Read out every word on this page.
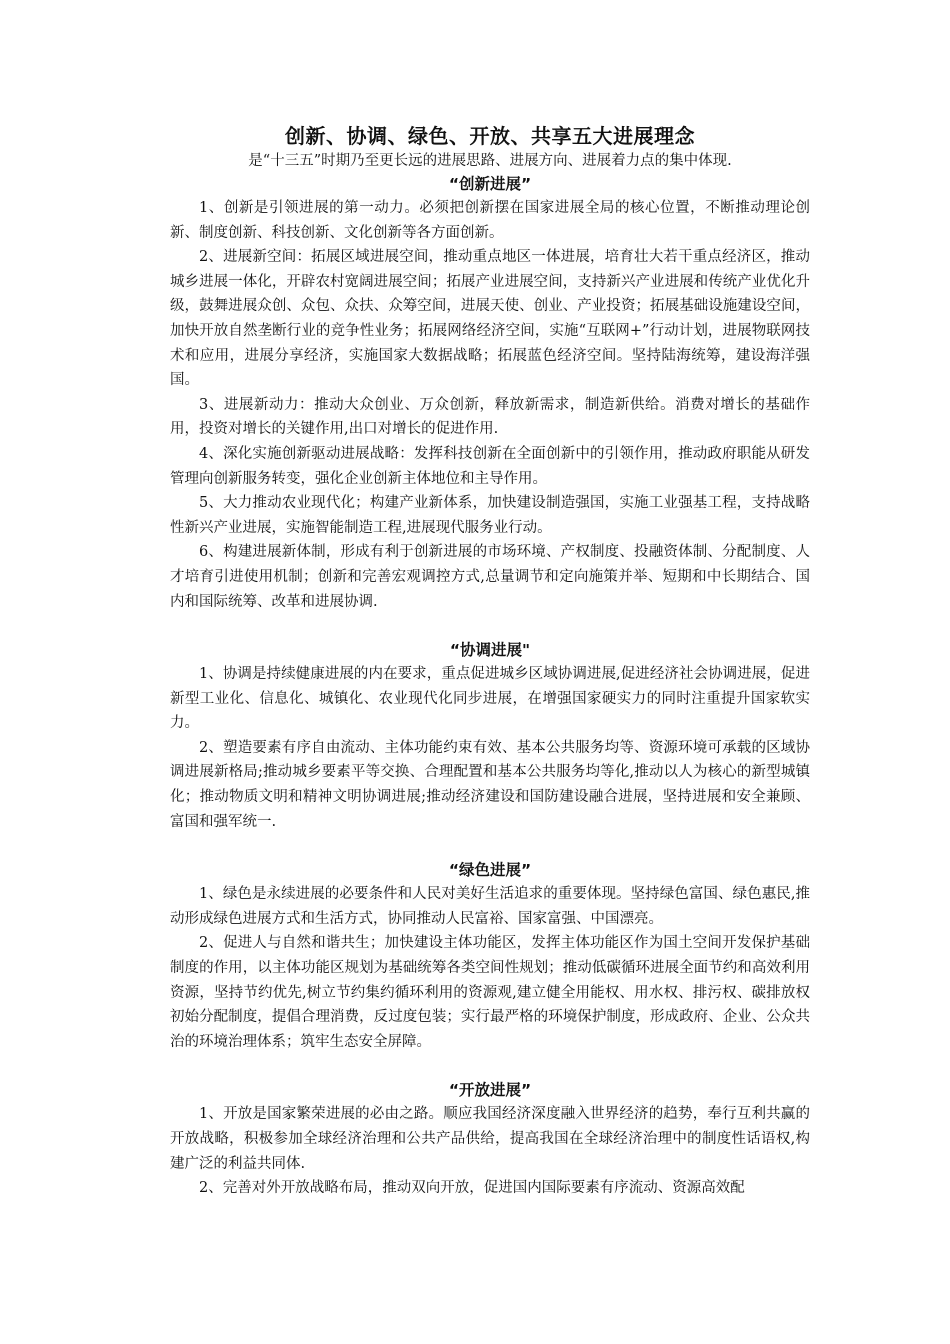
创新、协调、绿色、开放、共享五大进展理念

是“十三五”时期乃至更长远的进展思路、进展方向、进展着力点的集中体现.

“创新进展”

1、创新是引领进展的第一动力。必须把创新摆在国家进展全局的核心位置，不断推动理论创新、制度创新、科技创新、文化创新等各方面创新。

2、进展新空间：拓展区域进展空间，推动重点地区一体进展，培育壮大若干重点经济区，推动城乡进展一体化，开辟农村宽阔进展空间；拓展产业进展空间，支持新兴产业进展和传统产业优化升级，鼓舞进展众创、众包、众扶、众筹空间，进展天使、创业、产业投资；拓展基础设施建设空间，加快开放自然垄断行业的竞争性业务；拓展网络经济空间，实施“互联网+”行动计划，进展物联网技术和应用，进展分享经济，实施国家大数据战略；拓展蓝色经济空间。坚持陆海统筹，建设海洋强国。

3、进展新动力：推动大众创业、万众创新，释放新需求，制造新供给。消费对增长的基础作用，投资对增长的关键作用,出口对增长的促进作用.

4、深化实施创新驱动进展战略：发挥科技创新在全面创新中的引领作用，推动政府职能从研发管理向创新服务转变，强化企业创新主体地位和主导作用。

5、大力推动农业现代化；构建产业新体系，加快建设制造强国，实施工业强基工程，支持战略性新兴产业进展，实施智能制造工程,进展现代服务业行动。

6、构建进展新体制，形成有利于创新进展的市场环境、产权制度、投融资体制、分配制度、人才培育引进使用机制；创新和完善宏观调控方式,总量调节和定向施策并举、短期和中长期结合、国内和国际统筹、改革和进展协调.

“协调进展"

1、协调是持续健康进展的内在要求，重点促进城乡区域协调进展,促进经济社会协调进展，促进新型工业化、信息化、城镇化、农业现代化同步进展，在增强国家硬实力的同时注重提升国家软实力。

2、塑造要素有序自由流动、主体功能约束有效、基本公共服务均等、资源环境可承载的区域协调进展新格局;推动城乡要素平等交换、合理配置和基本公共服务均等化,推动以人为核心的新型城镇化；推动物质文明和精神文明协调进展;推动经济建设和国防建设融合进展，坚持进展和安全兼顾、富国和强军统一.

“绿色进展”

1、绿色是永续进展的必要条件和人民对美好生活追求的重要体现。坚持绿色富国、绿色惠民,推动形成绿色进展方式和生活方式，协同推动人民富裕、国家富强、中国漂亮。

2、促进人与自然和谐共生；加快建设主体功能区，发挥主体功能区作为国土空间开发保护基础制度的作用，以主体功能区规划为基础统筹各类空间性规划；推动低碳循环进展全面节约和高效利用资源，坚持节约优先,树立节约集约循环利用的资源观,建立健全用能权、用水权、排污权、碳排放权初始分配制度，提倡合理消费，反过度包装；实行最严格的环境保护制度，形成政府、企业、公众共治的环境治理体系；筑牢生态安全屏障。

“开放进展”

1、开放是国家繁荣进展的必由之路。顺应我国经济深度融入世界经济的趋势，奉行互利共赢的开放战略，积极参加全球经济治理和公共产品供给，提高我国在全球经济治理中的制度性话语权,构建广泛的利益共同体.

2、完善对外开放战略布局，推动双向开放，促进国内国际要素有序流动、资源高效配
